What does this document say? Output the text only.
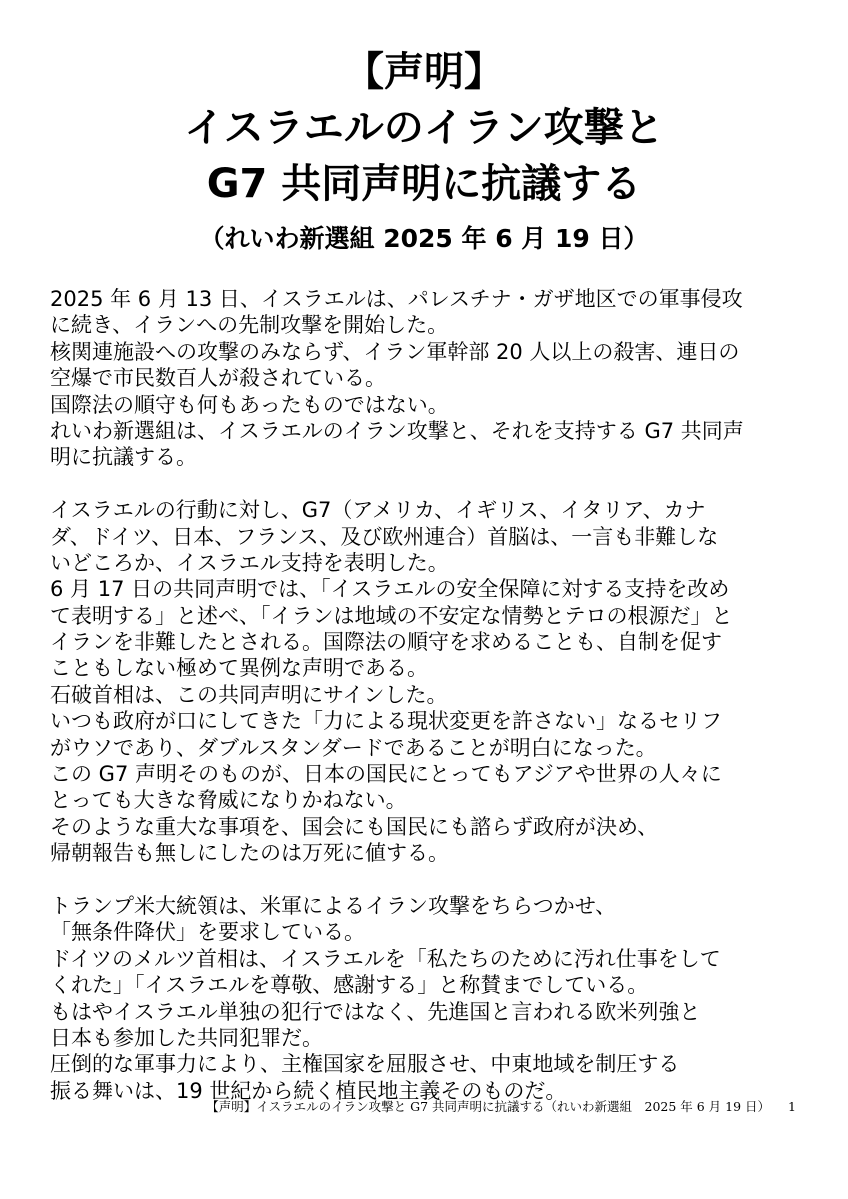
【声明】
イスラエルのイラン攻撃と
G7 共同声明に抗議する
（れいわ新選組 2025 年 6 月 19 日）
2025 年 6 月 13 日、イスラエルは、パレスチナ・ガザ地区での軍事侵攻
に続き、イランへの先制攻撃を開始した。
核関連施設への攻撃のみならず、イラン軍幹部 20 人以上の殺害、連日の
空爆で市民数百人が殺されている。
国際法の順守も何もあったものではない。
れいわ新選組は、イスラエルのイラン攻撃と、それを支持する G7 共同声
明に抗議する。
イスラエルの行動に対し、G7（アメリカ、イギリス、イタリア、カナ
ダ、ドイツ、日本、フランス、及び欧州連合）首脳は、一言も非難しな
いどころか、イスラエル支持を表明した。
6 月 17 日の共同声明では、「イスラエルの安全保障に対する支持を改め
て表明する」と述べ、「イランは地域の不安定な情勢とテロの根源だ」と
イランを非難したとされる。国際法の順守を求めることも、自制を促す
こともしない極めて異例な声明である。
石破首相は、この共同声明にサインした。
いつも政府が口にしてきた「力による現状変更を許さない」なるセリフ
がウソであり、ダブルスタンダードであることが明白になった。
この G7 声明そのものが、日本の国民にとってもアジアや世界の人々に
とっても大きな脅威になりかねない。
そのような重大な事項を、国会にも国民にも諮らず政府が決め、
帰朝報告も無しにしたのは万死に値する。
トランプ米大統領は、米軍によるイラン攻撃をちらつかせ、
「無条件降伏」を要求している。
ドイツのメルツ首相は、イスラエルを「私たちのために汚れ仕事をして
くれた」「イスラエルを尊敬、感謝する」と称賛までしている。
もはやイスラエル単独の犯行ではなく、先進国と言われる欧米列強と
日本も参加した共同犯罪だ。
圧倒的な軍事力により、主権国家を屈服させ、中東地域を制圧する
振る舞いは、19 世紀から続く植民地主義そのものだ。
【声明】イスラエルのイラン攻撃と G7 共同声明に抗議する（れいわ新選組　2025 年 6 月 19 日） 1
